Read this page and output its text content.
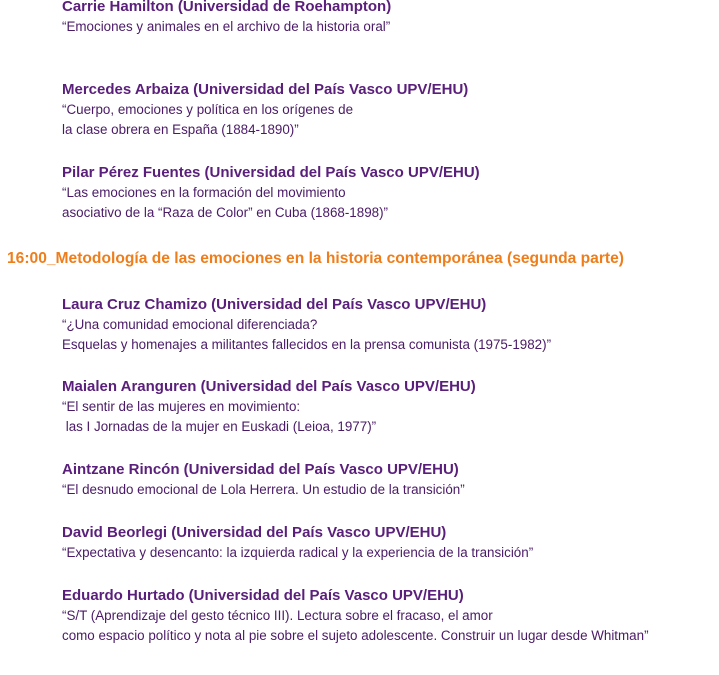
Carrie Hamilton (Universidad de Roehampton)
“Emociones y animales en el archivo de la historia oral”
Mercedes Arbaiza (Universidad del País Vasco UPV/EHU)
“Cuerpo, emociones y política en los orígenes de
la clase obrera en España (1884-1890)”
Pilar Pérez Fuentes (Universidad del País Vasco UPV/EHU)
“Las emociones en la formación del movimiento
asociativo de la “Raza de Color” en Cuba (1868-1898)”
16:00_Metodología de las emociones en la historia contemporánea (segunda parte)
Laura Cruz Chamizo (Universidad del País Vasco UPV/EHU)
“¿Una comunidad emocional diferenciada?
Esquelas y homenajes a militantes fallecidos en la prensa comunista (1975-1982)”
Maialen Aranguren (Universidad del País Vasco UPV/EHU)
“El sentir de las mujeres en movimiento:
las I Jornadas de la mujer en Euskadi (Leioa, 1977)”
Aintzane Rincón (Universidad del País Vasco UPV/EHU)
“El desnudo emocional de Lola Herrera. Un estudio de la transición”
David Beorlegi (Universidad del País Vasco UPV/EHU)
“Expectativa y desencanto: la izquierda radical y la experiencia de la transición”
Eduardo Hurtado (Universidad del País Vasco UPV/EHU)
“S/T (Aprendizaje del gesto técnico III). Lectura sobre el fracaso, el amor
como espacio político y nota al pie sobre el sujeto adolescente. Construir un lugar desde Whitman”
